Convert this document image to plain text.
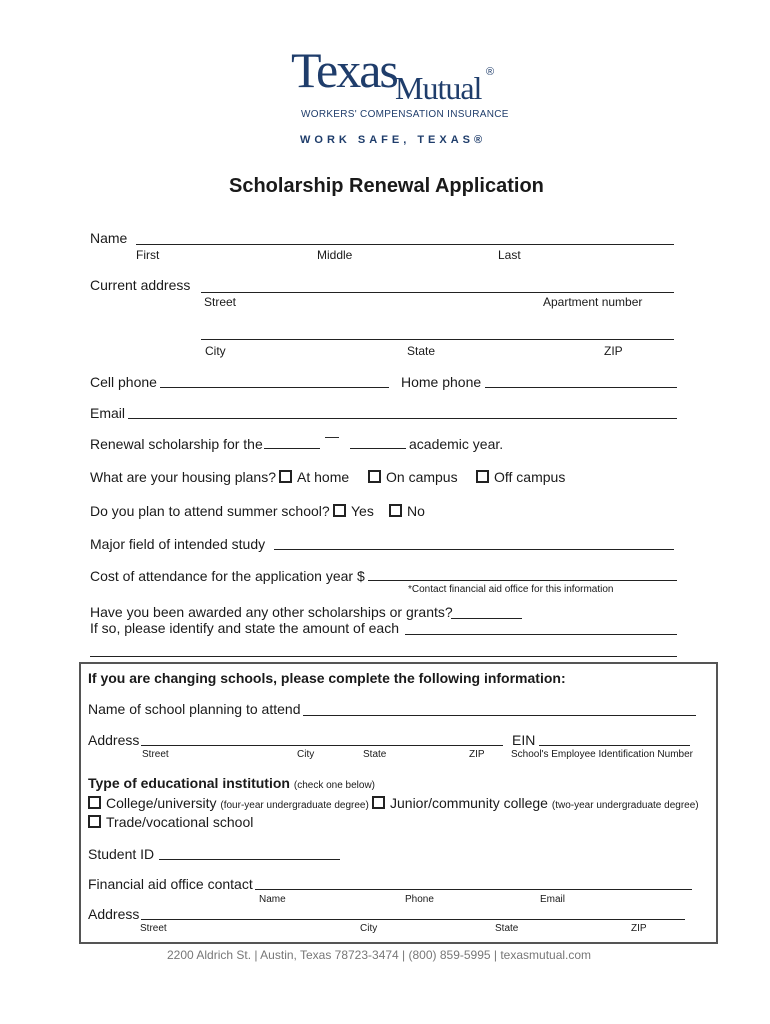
Texas
Mutual ®
WORKERS' COMPENSATION INSURANCE
WORK SAFE, TEXAS®
Scholarship Renewal Application
Name
First	Middle	Last
Current address
Street	Apartment number
City	State	ZIP
Cell phone	Home phone
Email
Renewal scholarship for the	—	academic year.
What are your housing plans?	At home	On campus	Off campus
Do you plan to attend summer school?	Yes	No
Major field of intended study
Cost of attendance for the application year $
*Contact financial aid office for this information
Have you been awarded any other scholarships or grants?
If so, please identify and state the amount of each
If you are changing schools, please complete the following information:
Name of school planning to attend
Address	EIN
Street	City	State	ZIP	School's Employee Identification Number
Type of educational institution (check one below)
College/university (four-year undergraduate degree)	Junior/community college (two-year undergraduate degree)
Trade/vocational school
Student ID
Financial aid office contact
Name	Phone	Email
Address
Street	City	State	ZIP
2200 Aldrich St. | Austin, Texas 78723-3474 | (800) 859-5995 | texasmutual.com
